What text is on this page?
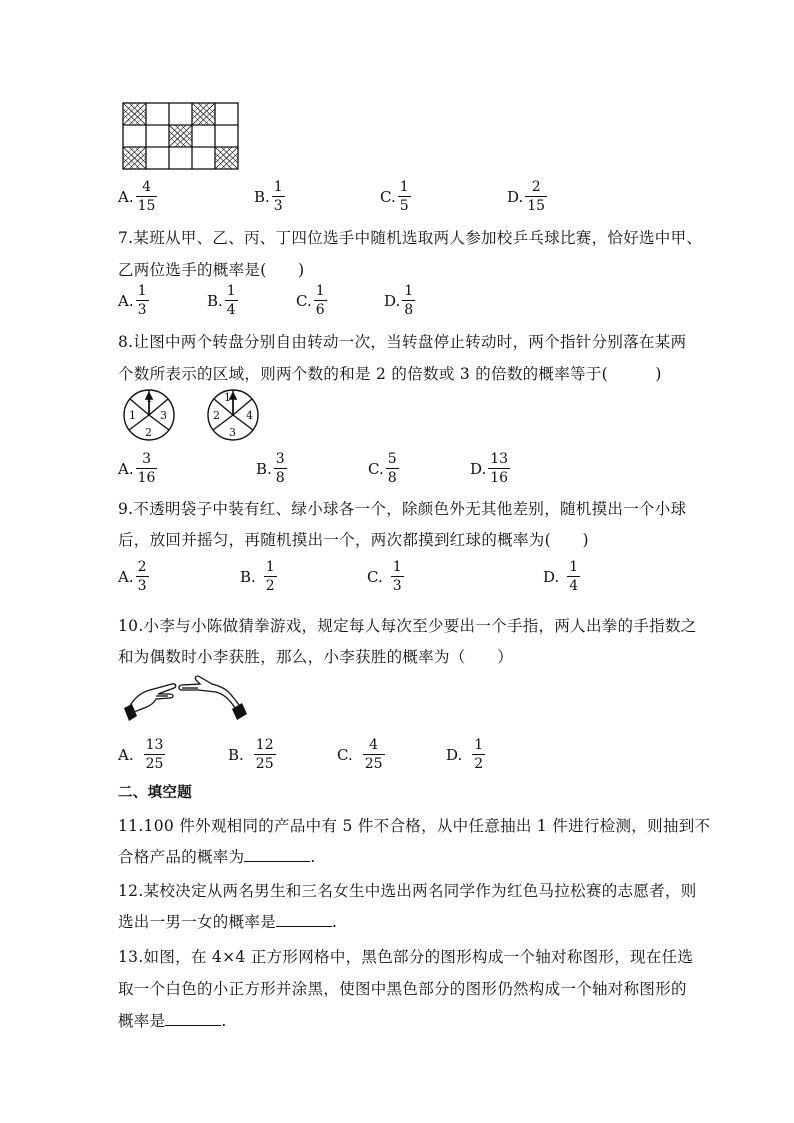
A. $\frac{4}{15}$	B. $\frac{1}{3}$	C. $\frac{1}{5}$	D. $\frac{2}{15}$
7.某班从甲、乙、丙、丁四位选手中随机选取两人参加校乒乓球比赛，恰好选中甲、
乙两位选手的概率是(　　)
A. $\frac{1}{3}$	B. $\frac{1}{4}$	C. $\frac{1}{6}$	D. $\frac{1}{8}$
8.让图中两个转盘分别自由转动一次，当转盘停止转动时，两个指针分别落在某两
个数所表示的区域，则两个数的和是 2 的倍数或 3 的倍数的概率等于(　　　)
1
4
3
2
1
4
3
2
A. $\frac{3}{16}$	B. $\frac{3}{8}$	C. $\frac{5}{8}$	D. $\frac{13}{16}$
9.不透明袋子中装有红、绿小球各一个，除颜色外无其他差别，随机摸出一个小球
后，放回并摇匀，再随机摸出一个，两次都摸到红球的概率为(　　)
A. $\frac{2}{3}$	B. $\frac{1}{2}$	C. $\frac{1}{3}$	D. $\frac{1}{4}$
10.小李与小陈做猜拳游戏，规定每人每次至少要出一个手指，两人出拳的手指数之
和为偶数时小李获胜，那么，小李获胜的概率为（　　）
A. $\frac{13}{25}$	B. $\frac{12}{25}$	C. $\frac{4}{25}$	D. $\frac{1}{2}$
二、填空题
11.100 件外观相同的产品中有 5 件不合格，从中任意抽出 1 件进行检测，则抽到不
合格产品的概率为	.
12.某校决定从两名男生和三名女生中选出两名同学作为红色马拉松赛的志愿者，则
选出一男一女的概率是	.
13.如图，在 4×4 正方形网格中，黑色部分的图形构成一个轴对称图形，现在任选
取一个白色的小正方形并涂黑，使图中黑色部分的图形仍然构成一个轴对称图形的
概率是	.
